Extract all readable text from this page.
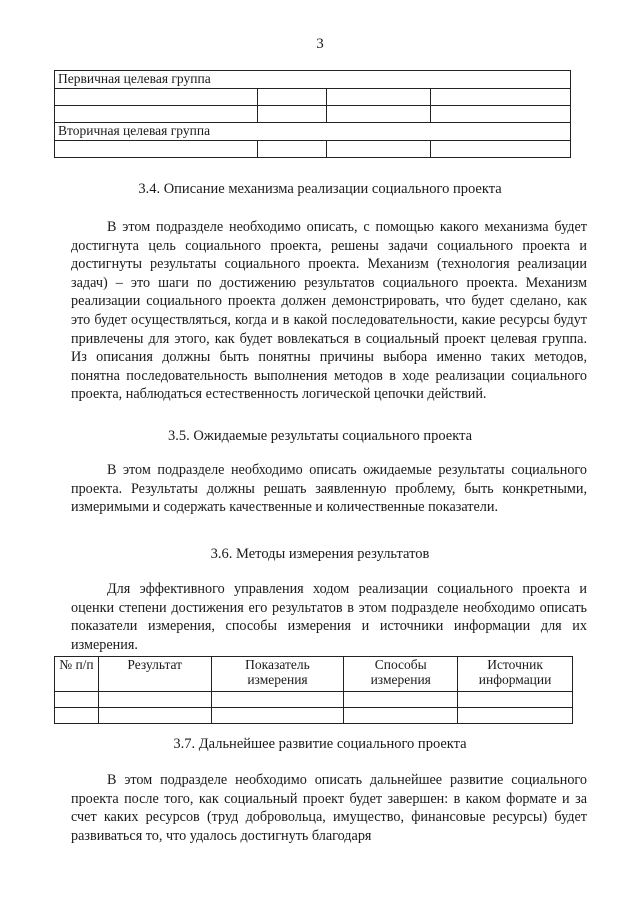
3
Первичная целевая группа			

Вторичная целевая группа			

3.4. Описание механизма реализации социального проекта
В этом подразделе необходимо описать, с помощью какого механизма будет достигнута цель социального проекта, решены задачи социального проекта и достигнуты результаты социального проекта. Механизм (технология реализации задач) – это шаги по достижению результатов социального проекта. Механизм реализации социального проекта должен демонстрировать, что будет сделано, как это будет осуществляться, когда и в какой последовательности, какие ресурсы будут привлечены для этого, как будет вовлекаться в социальный проект целевая группа. Из описания должны быть понятны причины выбора именно таких методов, понятна последовательность выполнения методов в ходе реализации социального проекта, наблюдаться естественность логической цепочки действий.
3.5. Ожидаемые результаты социального проекта
В этом подразделе необходимо описать ожидаемые результаты социального проекта. Результаты должны решать заявленную проблему, быть конкретными, измеримыми и содержать качественные и количественные показатели.
3.6. Методы измерения результатов
Для эффективного управления ходом реализации социального проекта и оценки степени достижения его результатов в этом подразделе необходимо описать показатели измерения, способы измерения и источники информации для их измерения.
№ п/п	Результат	Показатель измерения	Способы измерения	Источник информации

3.7. Дальнейшее развитие социального проекта
В этом подразделе необходимо описать дальнейшее развитие социального проекта после того, как социальный проект будет завершен: в каком формате и за счет каких ресурсов (труд добровольца, имущество, финансовые ресурсы) будет развиваться то, что удалось достигнуть благодаря
